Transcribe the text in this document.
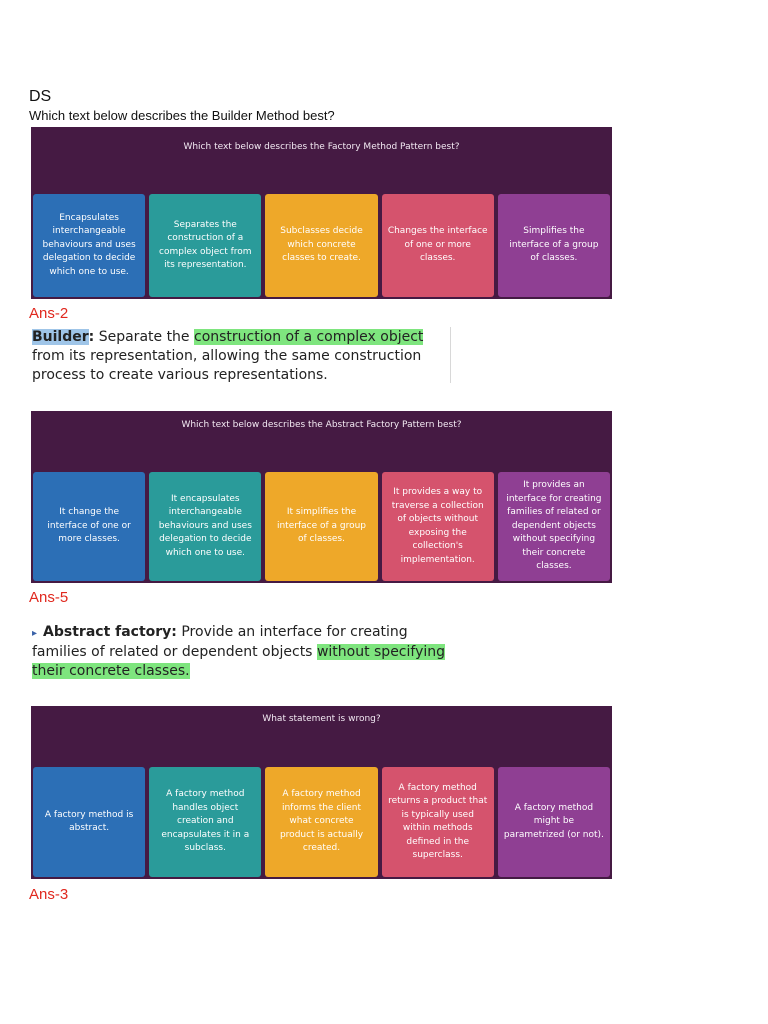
DS
Which text below describes the Builder Method best?
Which text below describes the Factory Method Pattern best?
Encapsulates interchangeable behaviours and uses delegation to decide which one to use.
Separates the construction of a complex object from its representation.
Subclasses decide which concrete classes to create.
Changes the interface of one or more classes.
Simplifies the interface of a group of classes.
Ans-2
Builder: Separate the construction of a complex object from its representation, allowing the same construction process to create various representations.
Which text below describes the Abstract Factory Pattern best?
It change the interface of one or more classes.
It encapsulates interchangeable behaviours and uses delegation to decide which one to use.
It simplifies the interface of a group of classes.
It provides a way to traverse a collection of objects without exposing the collection's implementation.
It provides an interface for creating families of related or dependent objects without specifying their concrete classes.
Ans-5
▸ Abstract factory: Provide an interface for creating families of related or dependent objects without specifying their concrete classes.
What statement is wrong?
A factory method is abstract.
A factory method handles object creation and encapsulates it in a subclass.
A factory method informs the client what concrete product is actually created.
A factory method returns a product that is typically used within methods defined in the superclass.
A factory method might be parametrized (or not).
Ans-3
